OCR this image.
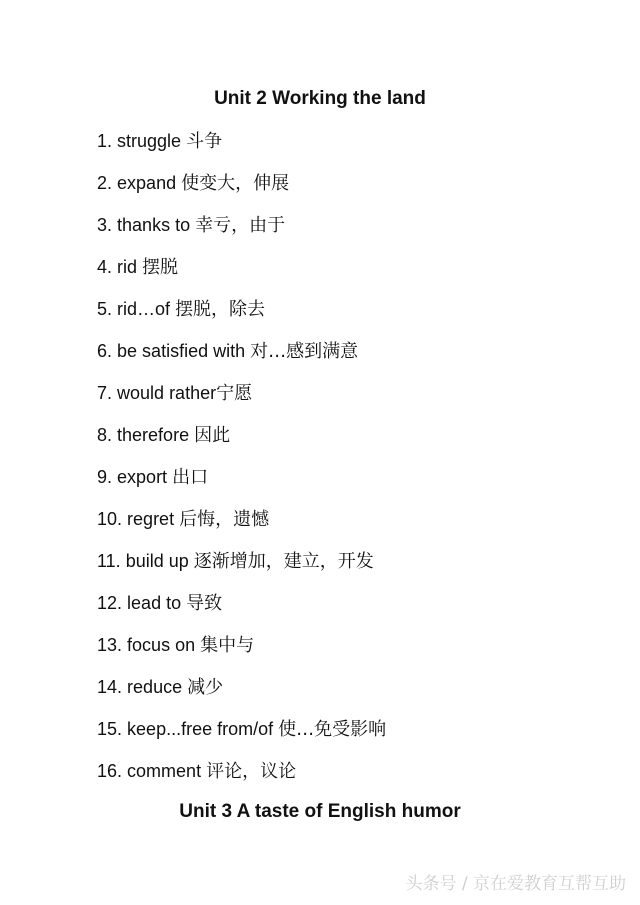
Unit 2 Working the land
1. struggle 斗争
2. expand 使变大，伸展
3. thanks to 幸亏，由于
4. rid 摆脱
5. rid…of 摆脱，除去
6. be satisfied with 对…感到满意
7. would rather宁愿
8. therefore 因此
9. export 出口
10. regret 后悔，遗憾
11. build up 逐渐增加，建立，开发
12. lead to 导致
13. focus on 集中与
14. reduce 减少
15. keep...free from/of 使…免受影响
16. comment 评论，议论
Unit 3 A taste of English humor
头条号 / 京在爱教育互帮互助
